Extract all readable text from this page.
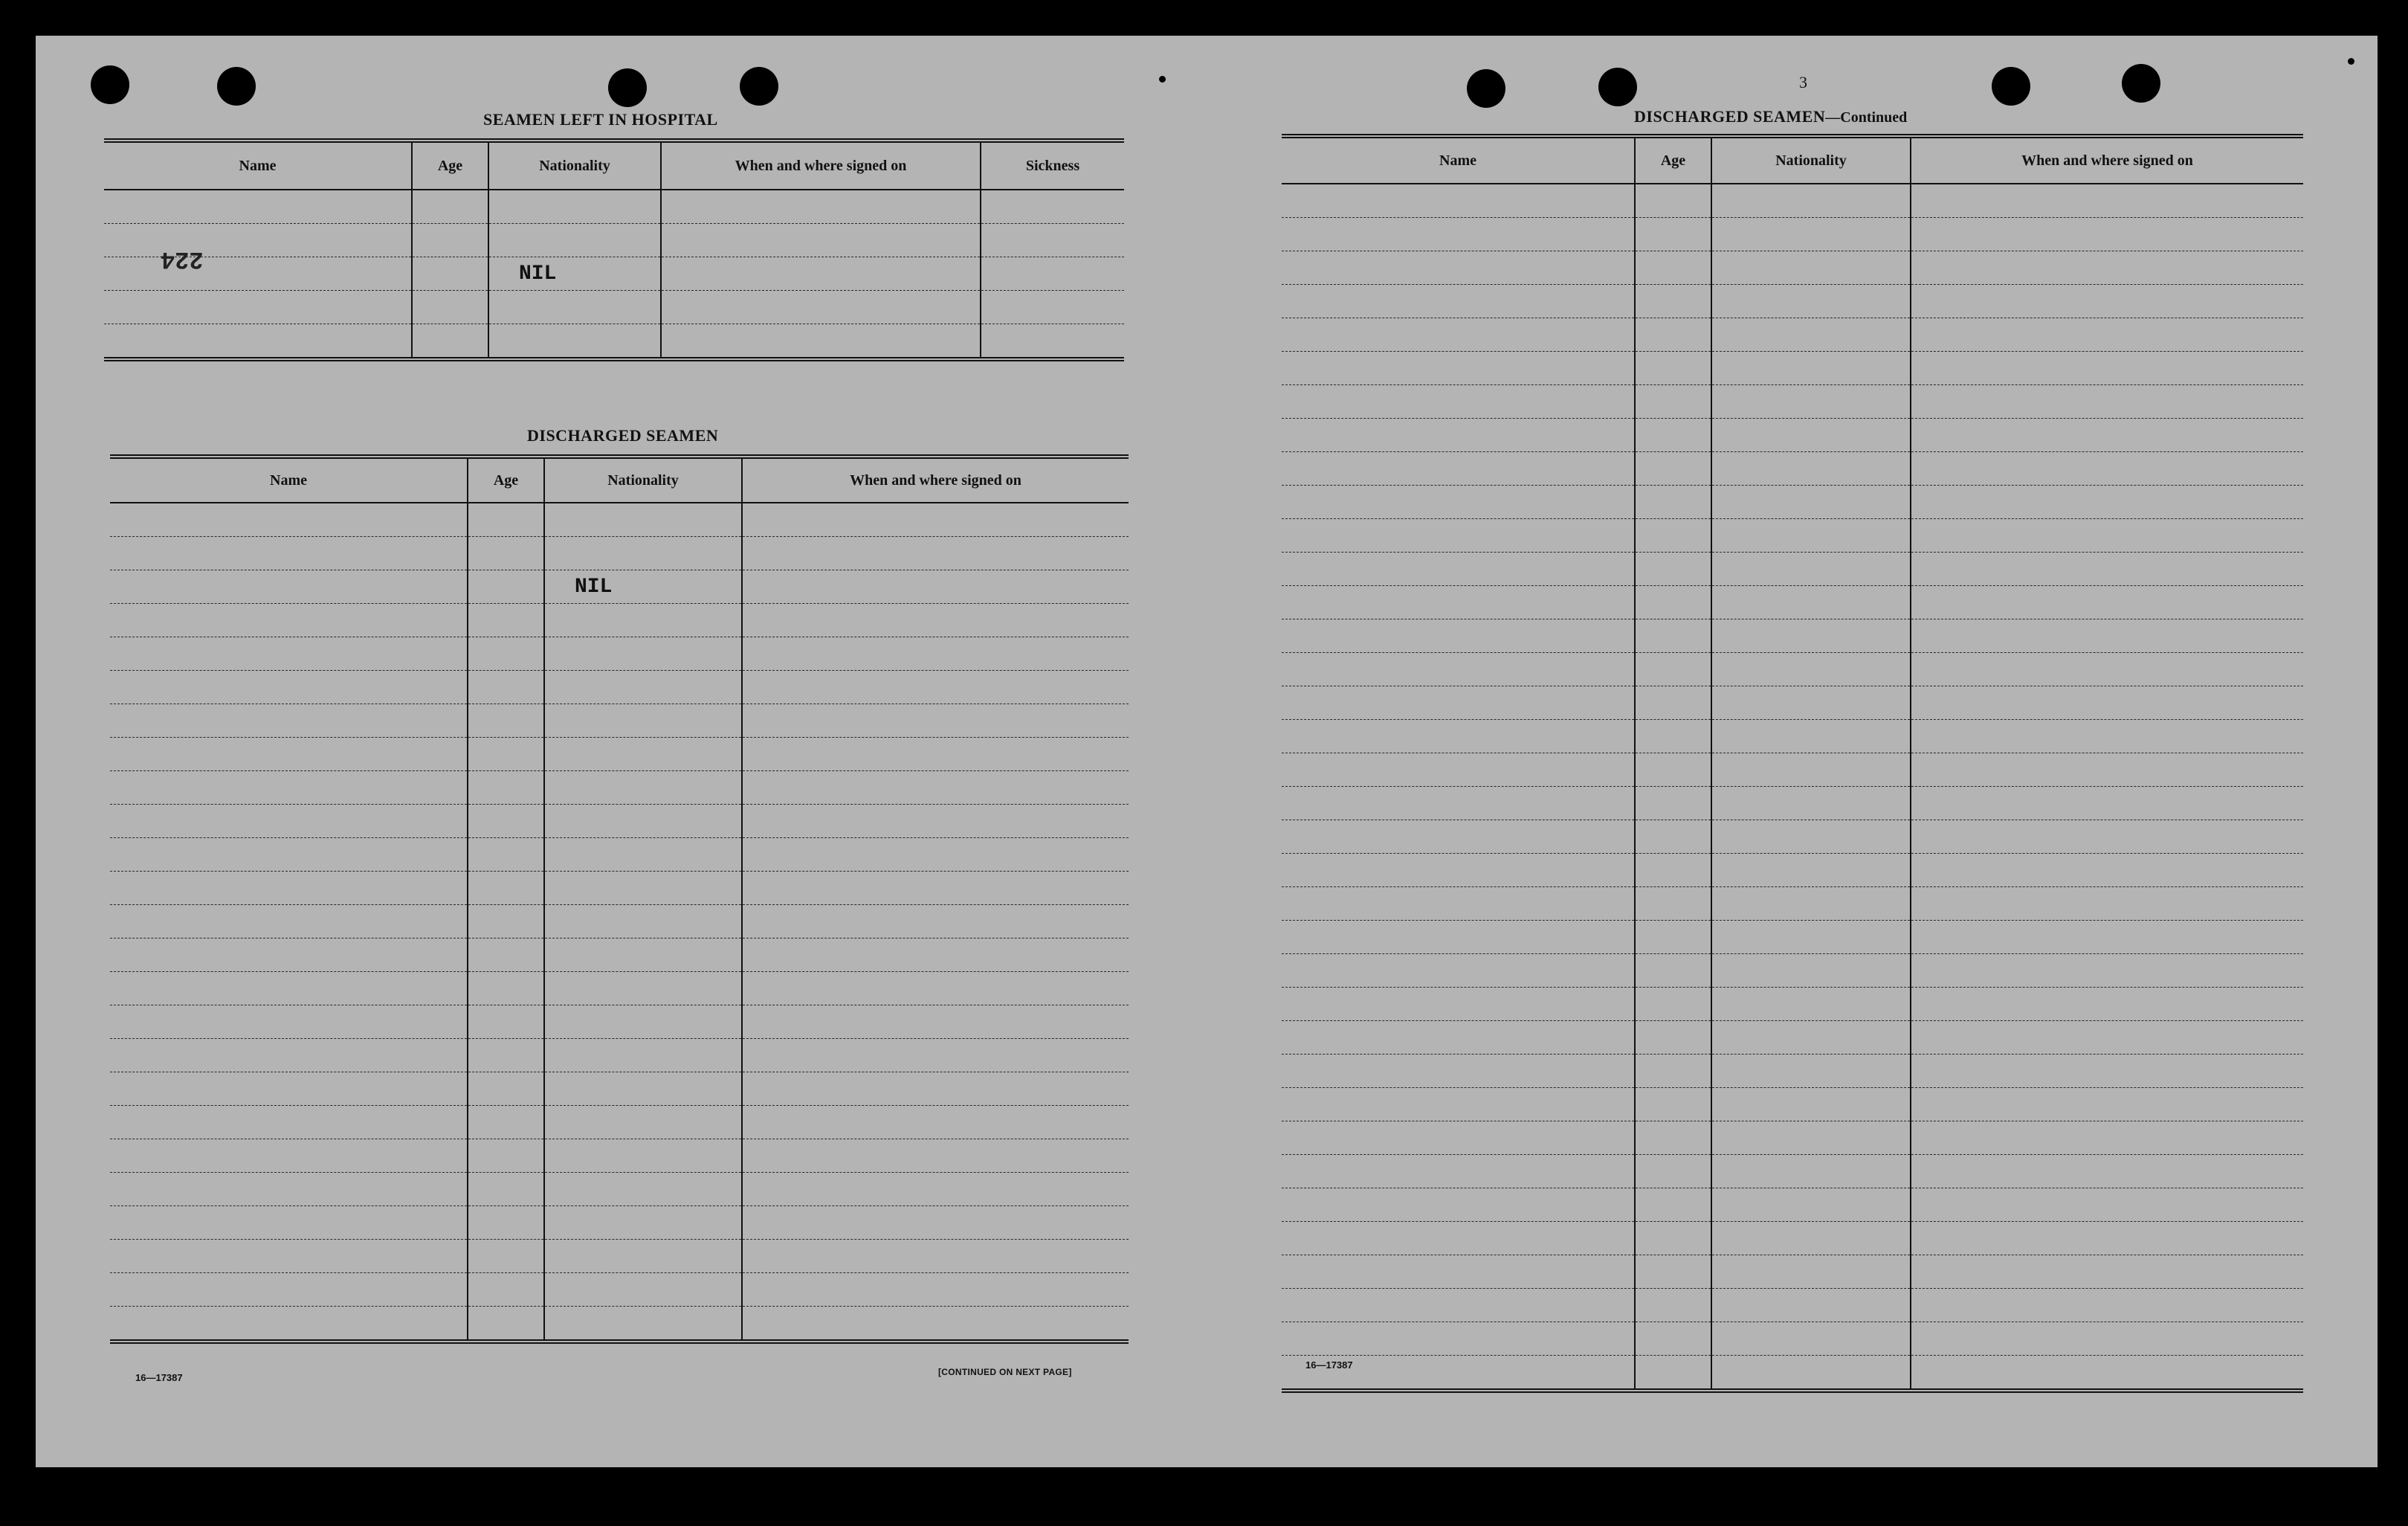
SEAMEN LEFT IN HOSPITAL
Name	Age	Nationality	When and where signed on	Sickness

		NIL		

224
DISCHARGED SEAMEN
Name	Age	Nationality	When and where signed on

		NIL	

16—17387	[CONTINUED ON NEXT PAGE]
3
DISCHARGED SEAMEN—Continued
Name	Age	Nationality	When and where signed on

16—17387
